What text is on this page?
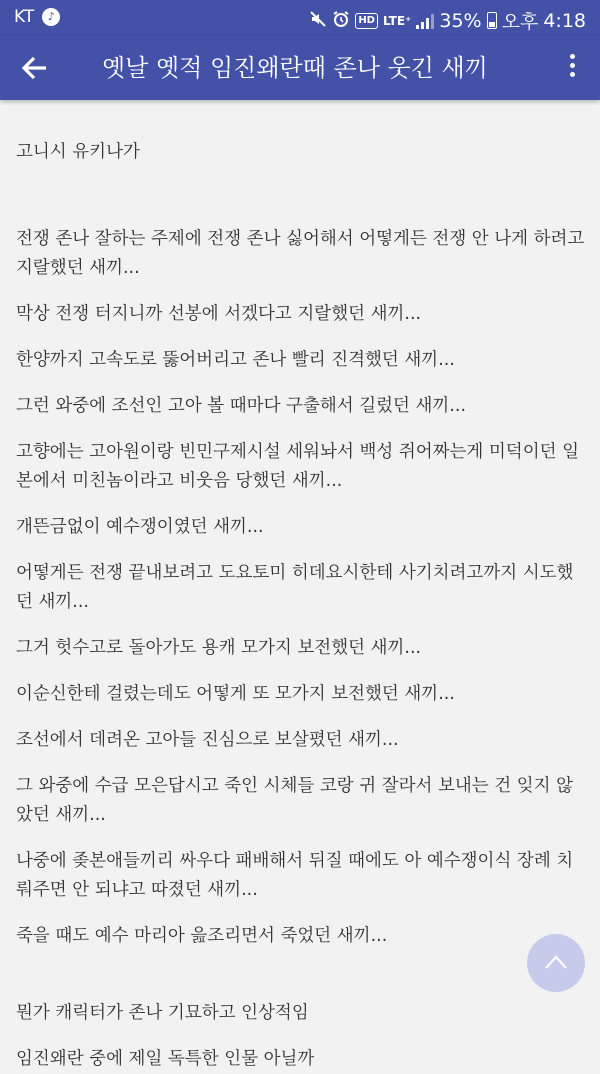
KT	♪	HD LTE⁺ 35% 오후 4:18
옛날 옛적 임진왜란때 존나 웃긴 새끼

고니시 유키나가

전쟁 존나 잘하는 주제에 전쟁 존나 싫어해서 어떻게든 전쟁 안 나게 하려고 지랄했던 새끼...

막상 전쟁 터지니까 선봉에 서겠다고 지랄했던 새끼...

한양까지 고속도로 뚫어버리고 존나 빨리 진격했던 새끼...

그런 와중에 조선인 고아 볼 때마다 구출해서 길렀던 새끼...

고향에는 고아원이랑 빈민구제시설 세워놔서 백성 쥐어짜는게 미덕이던 일본에서 미친놈이라고 비웃음 당했던 새끼...

개뜬금없이 예수쟁이였던 새끼...

어떻게든 전쟁 끝내보려고 도요토미 히데요시한테 사기치려고까지 시도했던 새끼...

그거 헛수고로 돌아가도 용캐 모가지 보전했던 새끼...

이순신한테 걸렸는데도 어떻게 또 모가지 보전했던 새끼...

조선에서 데려온 고아들 진심으로 보살폈던 새끼...

그 와중에 수급 모은답시고 죽인 시체들 코랑 귀 잘라서 보내는 건 잊지 않았던 새끼...

나중에 좆본애들끼리 싸우다 패배해서 뒤질 때에도 아 예수쟁이식 장례 치뤄주면 안 되냐고 따졌던 새끼...

죽을 때도 예수 마리아 읊조리면서 죽었던 새끼...

뭔가 캐릭터가 존나 기묘하고 인상적임

임진왜란 중에 제일 독특한 인물 아닐까
